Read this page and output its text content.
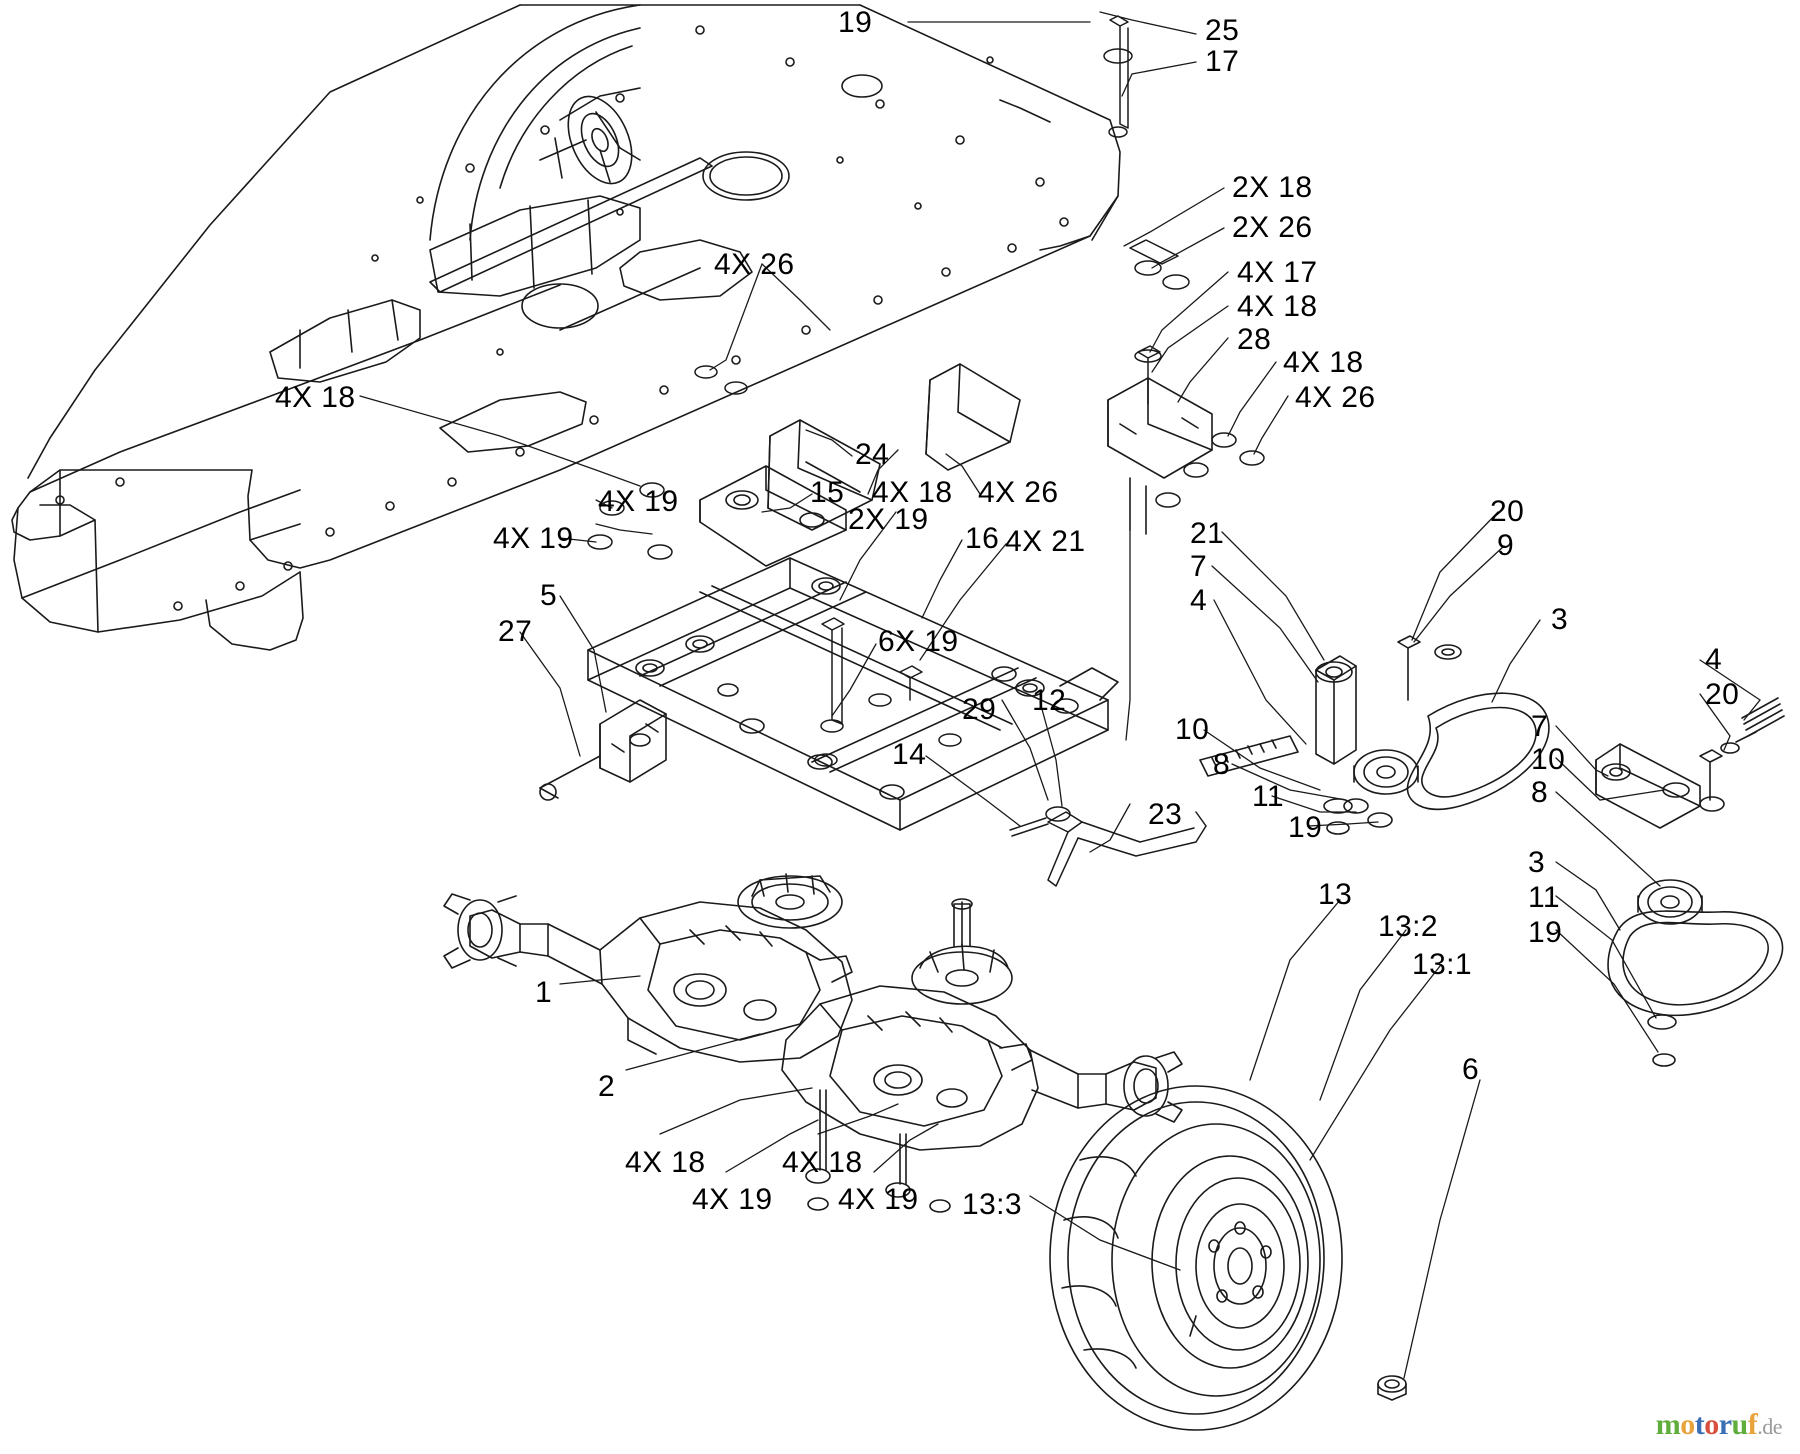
19	25
17
2X 18
2X 26
4X 17
4X 18
28
4X 18
4X 26
4X 26
4X 18
4X 19
4X 19
24
15 4X 18 4X 26
2X 19
16 4X 21
6X 19
5
27
29 12
14
23
21
7
4
20
9
3
4
20
10
8
11
19
7
10
8
3
11
19
1
2
13
13:2
13:1
6
13:3
4X 18	4X 18
4X 19 4X 19
motoruf.de
